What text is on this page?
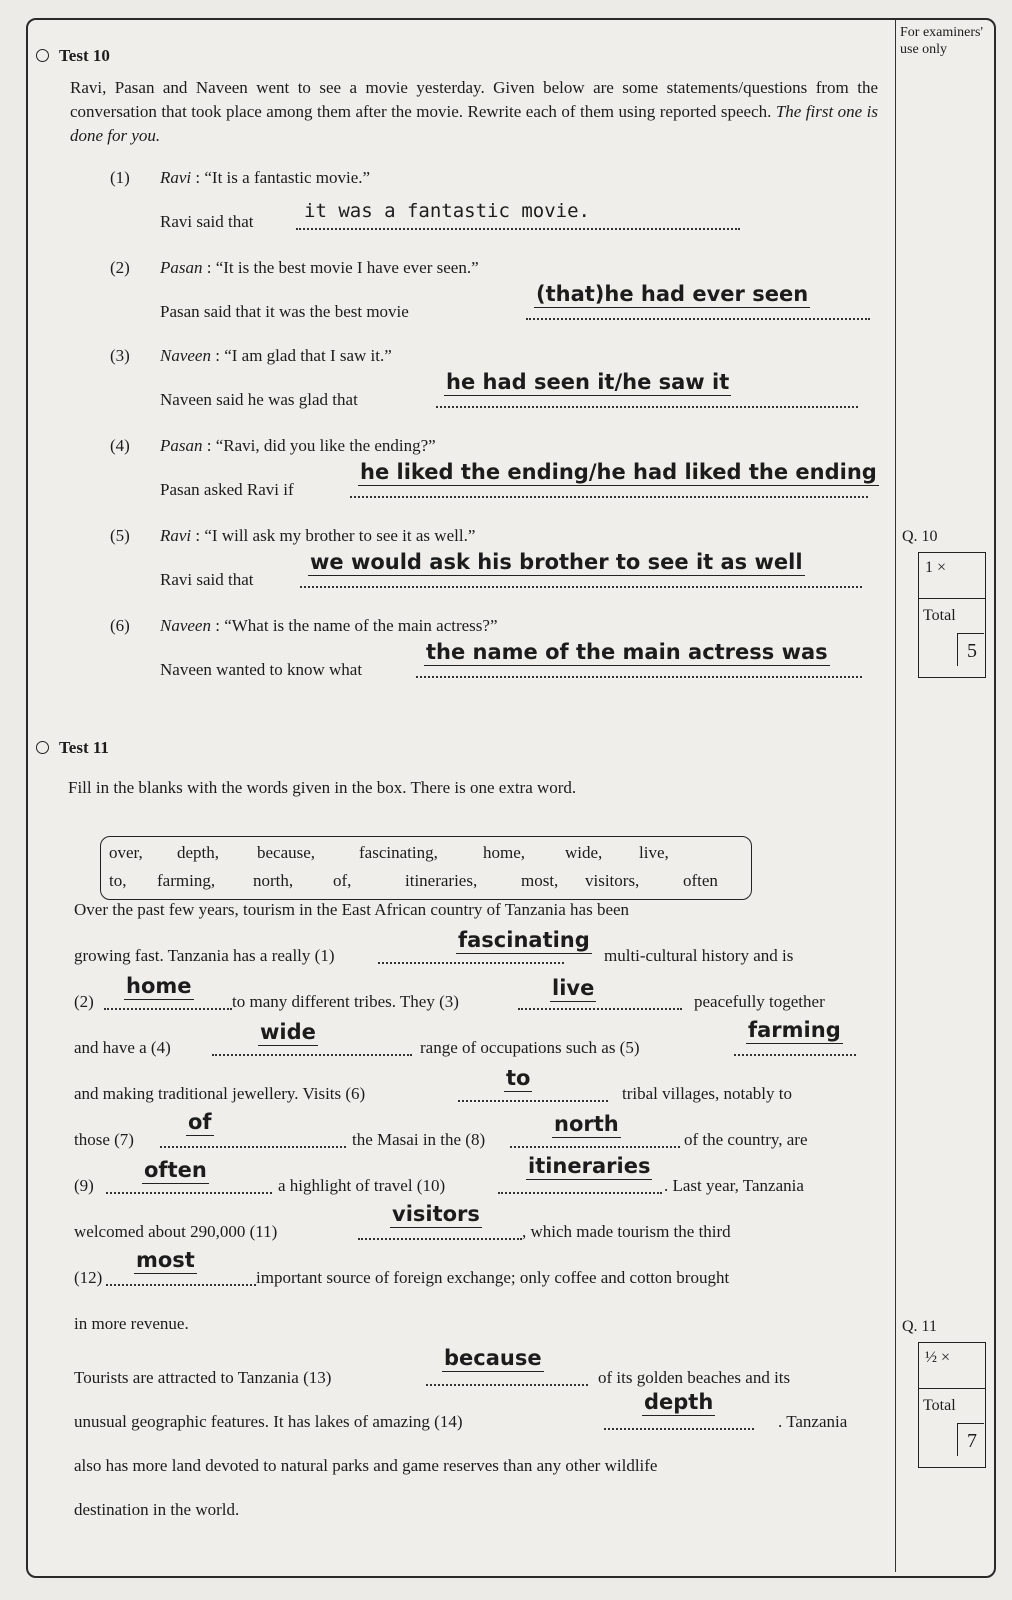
For examiners' use only
Test 10
Ravi, Pasan and Naveen went to see a movie yesterday. Given below are some statements/questions from the conversation that took place among them after the movie. Rewrite each of them using reported speech. The first one is done for you.
(1) Ravi : “It is a fantastic movie.”
Ravi said that	it was a fantastic movie.
(2) Pasan : “It is the best movie I have ever seen.”
Pasan said that it was the best movie
(that)he had ever seen
(3) Naveen : “I am glad that I saw it.”
Naveen said he was glad that
he had seen it/he saw it
(4) Pasan : “Ravi, did you like the ending?”
Pasan asked Ravi if
he liked the ending/he had liked the ending
(5) Ravi : “I will ask my brother to see it as well.”
Ravi said that
we would ask his brother to see it as well
(6) Naveen : “What is the name of the main actress?”
Naveen wanted to know what
the name of the main actress was
1 ×
Total
5
Q. 10
Test 11
Fill in the blanks with the words given in the box. There is one extra word.
over, depth, because,	fascinating,	home, wide, live,
to, farming, north, of,	itineraries,	most, visitors,	often
Over the past few years, tourism in the East African country of Tanzania has been
growing fast. Tanzania has a really (1)	multi-cultural history and is
fascinating
(2)	to many different tribes. They (3)	peacefully together
home	live
and have a (4)	range of occupations such as (5)
wide	farming
and making traditional jewellery. Visits (6)	tribal villages, notably to
to
those (7)	the Masai in the (8)	of the country, are
of	north
(9)	a highlight of travel (10)	. Last year, Tanzania
often	itineraries
welcomed about 290,000 (11)	, which made tourism the third
visitors
(12)	important source of foreign exchange; only coffee and cotton brought
most
in more revenue.
Tourists are attracted to Tanzania (13)	of its golden beaches and its
because
unusual geographic features. It has lakes of amazing (14)	. Tanzania
depth
also has more land devoted to natural parks and game reserves than any other wildlife
destination in the world.
½ ×
Total
7
Q. 11
